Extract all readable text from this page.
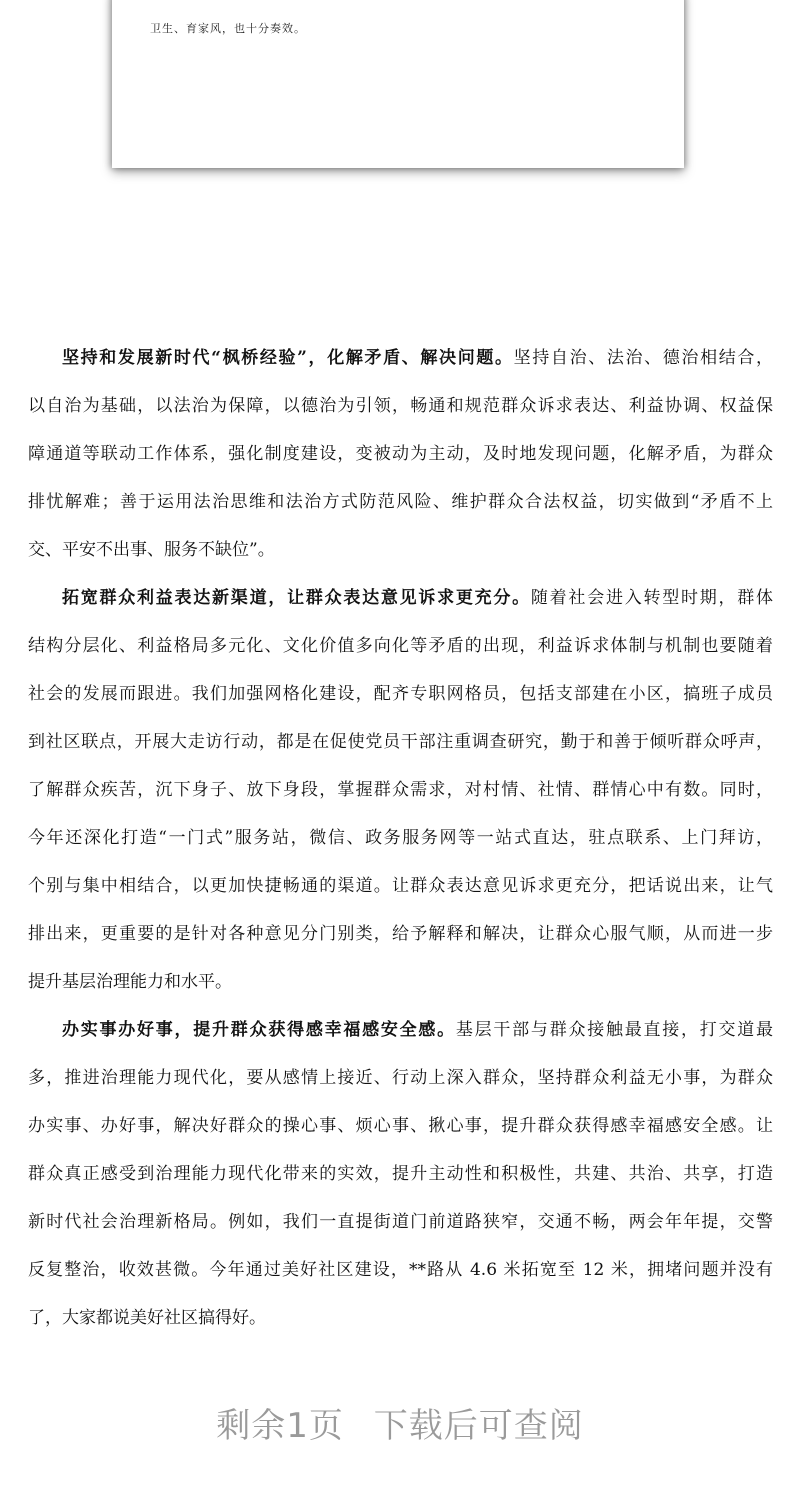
卫生、育家风，也十分奏效。
坚持和发展新时代“枫桥经验”，化解矛盾、解决问题。坚持自治、法治、德治相结合，
以自治为基础，以法治为保障，以德治为引领，畅通和规范群众诉求表达、利益协调、权益保
障通道等联动工作体系，强化制度建设，变被动为主动，及时地发现问题，化解矛盾，为群众
排忧解难；善于运用法治思维和法治方式防范风险、维护群众合法权益，切实做到“矛盾不上
交、平安不出事、服务不缺位”。
拓宽群众利益表达新渠道，让群众表达意见诉求更充分。随着社会进入转型时期，群体
结构分层化、利益格局多元化、文化价值多向化等矛盾的出现，利益诉求体制与机制也要随着
社会的发展而跟进。我们加强网格化建设，配齐专职网格员，包括支部建在小区，搞班子成员
到社区联点，开展大走访行动，都是在促使党员干部注重调查研究，勤于和善于倾听群众呼声，
了解群众疾苦，沉下身子、放下身段，掌握群众需求，对村情、社情、群情心中有数。同时，
今年还深化打造“一门式”服务站，微信、政务服务网等一站式直达，驻点联系、上门拜访，
个别与集中相结合，以更加快捷畅通的渠道。让群众表达意见诉求更充分，把话说出来，让气
排出来，更重要的是针对各种意见分门别类，给予解释和解决，让群众心服气顺，从而进一步
提升基层治理能力和水平。
办实事办好事，提升群众获得感幸福感安全感。基层干部与群众接触最直接，打交道最
多，推进治理能力现代化，要从感情上接近、行动上深入群众，坚持群众利益无小事，为群众
办实事、办好事，解决好群众的操心事、烦心事、揪心事，提升群众获得感幸福感安全感。让
群众真正感受到治理能力现代化带来的实效，提升主动性和积极性，共建、共治、共享，打造
新时代社会治理新格局。例如，我们一直提街道门前道路狭窄，交通不畅，两会年年提，交警
反复整治，收效甚微。今年通过美好社区建设，**路从 4.6 米拓宽至 12 米，拥堵问题并没有
了，大家都说美好社区搞得好。
剩余1页 下载后可查阅
